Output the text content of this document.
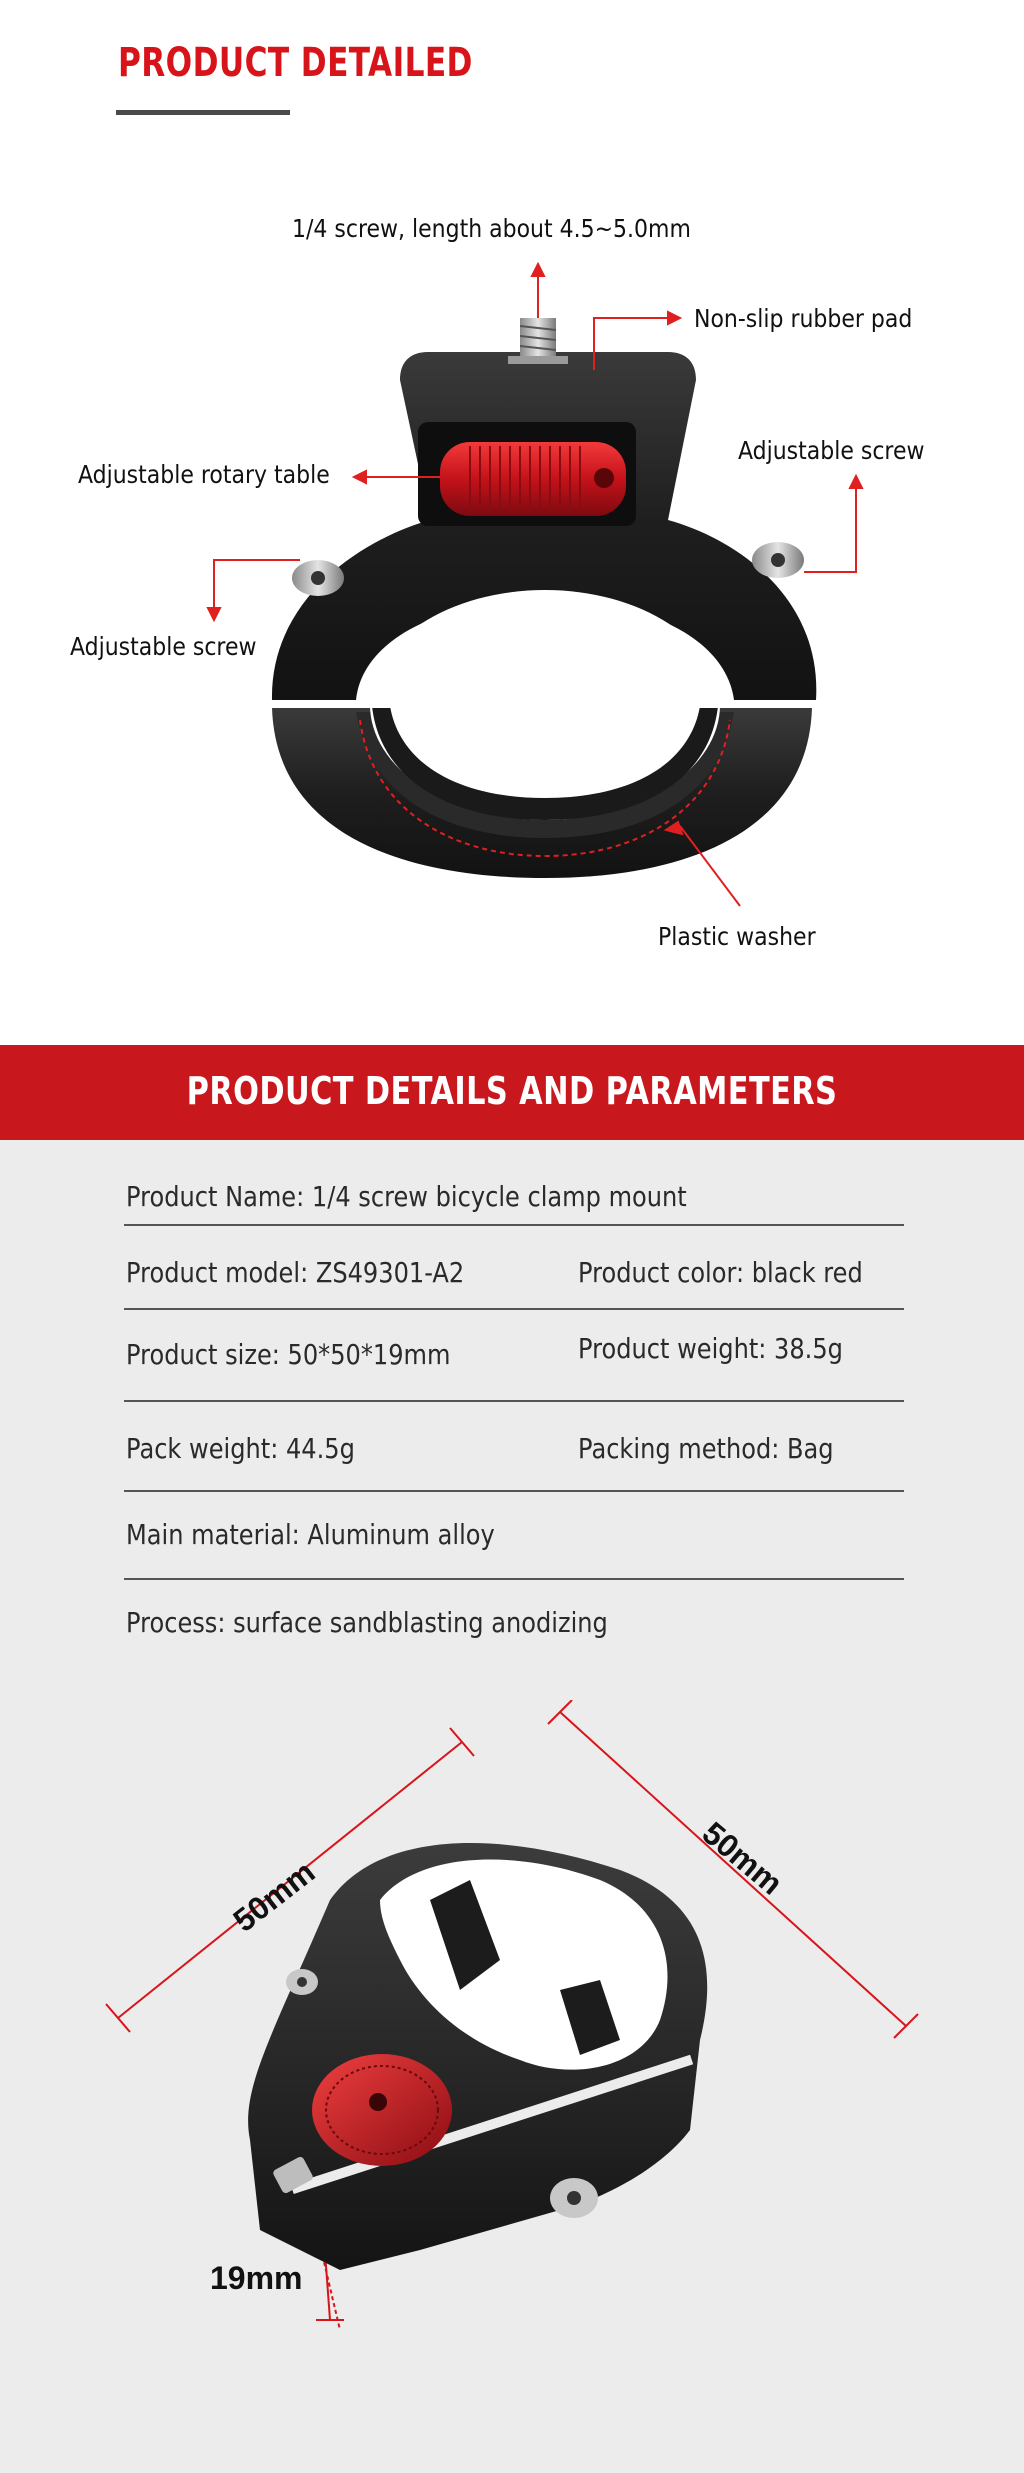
PRODUCT DETAILED
1/4 screw, length about 4.5~5.0mm
Non-slip rubber pad
Adjustable rotary table
Adjustable screw
Adjustable screw
Plastic washer
PRODUCT DETAILS AND PARAMETERS
Product Name: 1/4 screw bicycle clamp mount
Product model: ZS49301-A2	Product color: black red
Product size: 50*50*19mm	Product weight: 38.5g
Pack weight: 44.5g	Packing method: Bag
Main material: Aluminum alloy
Process: surface sandblasting anodizing
50mm	50mm
19mm
